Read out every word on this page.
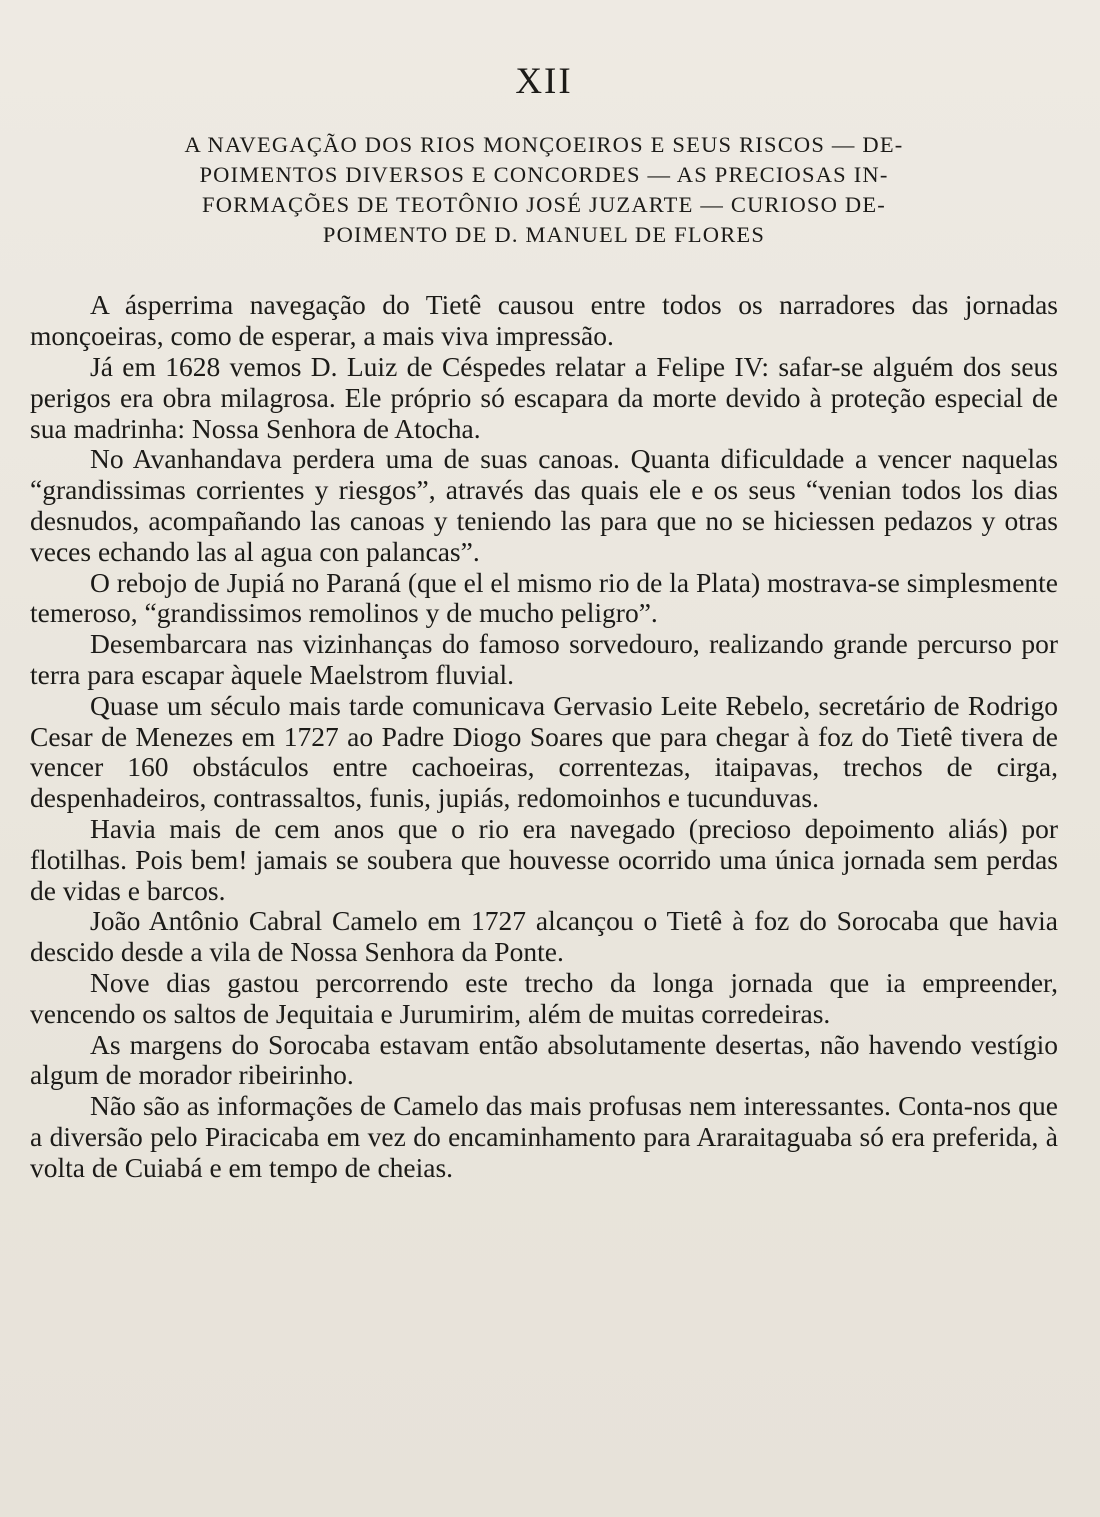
XII
A NAVEGAÇÃO DOS RIOS MONÇOEIROS E SEUS RISCOS — DE-
POIMENTOS DIVERSOS E CONCORDES — AS PRECIOSAS IN-
FORMAÇÕES DE TEOTÔNIO JOSÉ JUZARTE — CURIOSO DE-
POIMENTO DE D. MANUEL DE FLORES

A ásperrima navegação do Tietê causou entre todos os narradores das jornadas monçoeiras, como de esperar, a mais viva impressão.

Já em 1628 vemos D. Luiz de Céspedes relatar a Felipe IV: safar-se alguém dos seus perigos era obra milagrosa. Ele próprio só escapara da morte devido à proteção especial de sua madrinha: Nossa Senhora de Atocha.

No Avanhandava perdera uma de suas canoas. Quanta dificuldade a vencer naquelas “grandissimas corrientes y riesgos”, através das quais ele e os seus “venian todos los dias desnudos, acompañando las canoas y teniendo las para que no se hiciessen pedazos y otras veces echando las al agua con palancas”.

O rebojo de Jupiá no Paraná (que el el mismo rio de la Plata) mostrava-se simplesmente temeroso, “grandissimos remolinos y de mucho peligro”.

Desembarcara nas vizinhanças do famoso sorvedouro, realizando grande percurso por terra para escapar àquele Maelstrom fluvial.

Quase um século mais tarde comunicava Gervasio Leite Rebelo, secretário de Rodrigo Cesar de Menezes em 1727 ao Padre Diogo Soares que para chegar à foz do Tietê tivera de vencer 160 obstáculos entre cachoeiras, correntezas, itaipavas, trechos de cirga, despenhadeiros, contrassaltos, funis, jupiás, redomoinhos e tucunduvas.

Havia mais de cem anos que o rio era navegado (precioso depoimento aliás) por flotilhas. Pois bem! jamais se soubera que houvesse ocorrido uma única jornada sem perdas de vidas e barcos.

João Antônio Cabral Camelo em 1727 alcançou o Tietê à foz do Sorocaba que havia descido desde a vila de Nossa Senhora da Ponte.

Nove dias gastou percorrendo este trecho da longa jornada que ia empreender, vencendo os saltos de Jequitaia e Jurumirim, além de muitas corredeiras.

As margens do Sorocaba estavam então absolutamente desertas, não havendo vestígio algum de morador ribeirinho.

Não são as informações de Camelo das mais profusas nem interessantes. Conta-nos que a diversão pelo Piracicaba em vez do encaminhamento para Araraitaguaba só era preferida, à volta de Cuiabá e em tempo de cheias.
